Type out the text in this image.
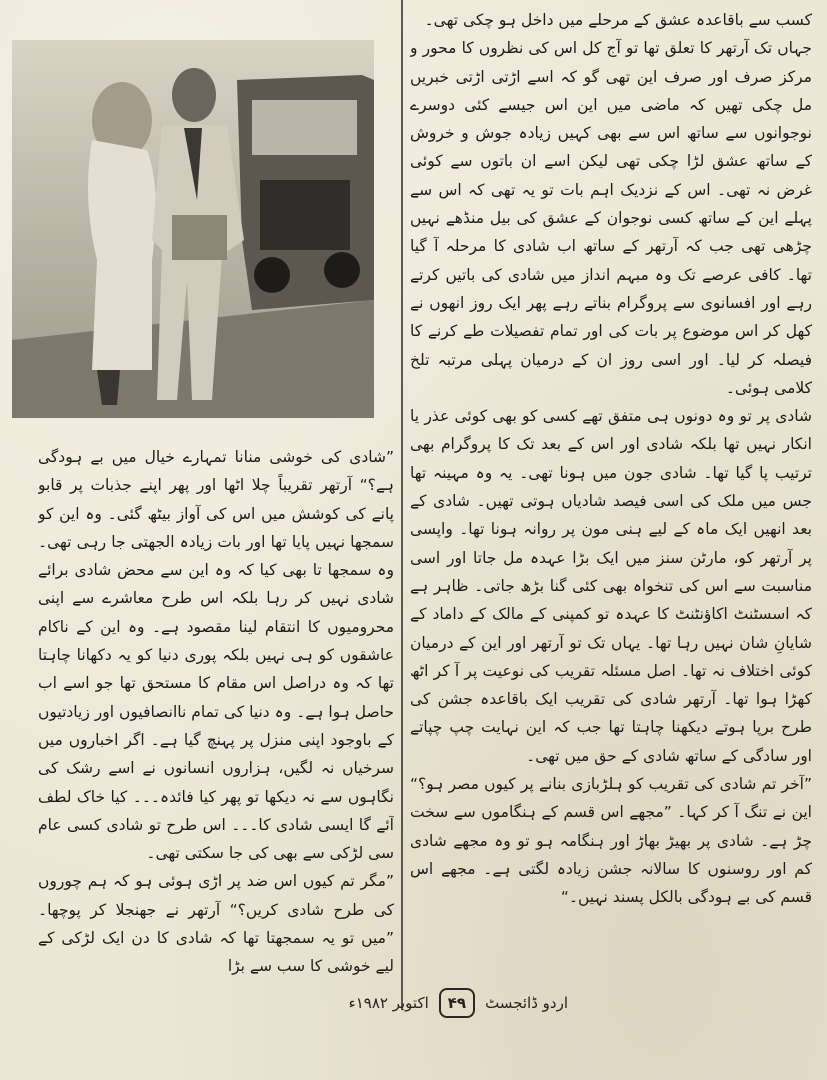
کسب سے باقاعدہ عشق کے مرحلے میں داخل ہو چکی تھی۔

جہاں تک آرتھر کا تعلق تھا تو آج کل اس کی نظروں کا محور و مرکز صرف اور صرف این تھی گو کہ اسے اڑتی اڑتی خبریں مل چکی تھیں کہ ماضی میں این اس جیسے کئی دوسرے نوجوانوں سے ساتھ اس سے بھی کہیں زیادہ جوش و خروش کے ساتھ عشق لڑا چکی تھی لیکن اسے ان باتوں سے کوئی غرض نہ تھی۔ اس کے نزدیک اہم بات تو یہ تھی کہ اس سے پہلے این کے ساتھ کسی نوجوان کے عشق کی بیل منڈھے نہیں چڑھی تھی جب کہ آرتھر کے ساتھ اب شادی کا مرحلہ آ گیا تھا۔ کافی عرصے تک وہ مبہم انداز میں شادی کی باتیں کرتے رہے اور افسانوی سے پروگرام بناتے رہے پھر ایک روز انھوں نے کھل کر اس موضوع پر بات کی اور تمام تفصیلات طے کرنے کا فیصلہ کر لیا۔ اور اسی روز ان کے درمیان پہلی مرتبہ تلخ کلامی ہوئی۔

شادی پر تو وہ دونوں ہی متفق تھے کسی کو بھی کوئی عذر یا انکار نہیں تھا بلکہ شادی اور اس کے بعد تک کا پروگرام بھی ترتیب پا گیا تھا۔ شادی جون میں ہونا تھی۔ یہ وہ مہینہ تھا جس میں ملک کی اسی فیصد شادیاں ہوتی تھیں۔ شادی کے بعد انھیں ایک ماہ کے لیے ہنی مون پر روانہ ہونا تھا۔ واپسی پر آرتھر کو، مارٹن سنز میں ایک بڑا عہدہ مل جاتا اور اسی مناسبت سے اس کی تنخواہ بھی کئی گنا بڑھ جاتی۔ ظاہر ہے کہ اسسٹنٹ اکاؤنٹنٹ کا عہدہ تو کمپنی کے مالک کے داماد کے شایانِ شان نہیں رہا تھا۔ یہاں تک تو آرتھر اور این کے درمیان کوئی اختلاف نہ تھا۔ اصل مسئلہ تقریب کی نوعیت پر آ کر اٹھ کھڑا ہوا تھا۔ آرتھر شادی کی تقریب ایک باقاعدہ جشن کی طرح برپا ہوتے دیکھنا چاہتا تھا جب کہ این نہایت چپ چپاتے اور سادگی کے ساتھ شادی کے حق میں تھی۔

”آخر تم شادی کی تقریب کو ہلڑبازی بنانے پر کیوں مصر ہو؟“ این نے تنگ آ کر کہا۔ ”مجھے اس قسم کے ہنگاموں سے سخت چڑ ہے۔ شادی پر بھیڑ بھاڑ اور ہنگامہ ہو تو وہ مجھے شادی کم اور روسنوں کا سالانہ جشن زیادہ لگتی ہے۔ مجھے اس قسم کی بے ہودگی بالکل پسند نہیں۔“

”شادی کی خوشی منانا تمہارے خیال میں بے ہودگی ہے؟“ آرتھر تقریباً چلا اٹھا اور پھر اپنے جذبات پر قابو پانے کی کوشش میں اس کی آواز بیٹھ گئی۔ وہ این کو سمجھا نہیں پایا تھا اور بات زیادہ الجھتی جا رہی تھی۔ وہ سمجھا تا بھی کیا کہ وہ این سے محض شادی برائے شادی نہیں کر رہا بلکہ اس طرح معاشرے سے اپنی محرومیوں کا انتقام لینا مقصود ہے۔ وہ این کے ناکام عاشقوں کو ہی نہیں بلکہ پوری دنیا کو یہ دکھانا چاہتا تھا کہ وہ دراصل اس مقام کا مستحق تھا جو اسے اب حاصل ہوا ہے۔ وہ دنیا کی تمام ناانصافیوں اور زیادتیوں کے باوجود اپنی منزل پر پہنچ گیا ہے۔ اگر اخباروں میں سرخیاں نہ لگیں، ہزاروں انسانوں نے اسے رشک کی نگاہوں سے نہ دیکھا تو پھر کیا فائدہ۔۔۔ کیا خاک لطف آئے گا ایسی شادی کا۔۔۔ اس طرح تو شادی کسی عام سی لڑکی سے بھی کی جا سکتی تھی۔

”مگر تم کیوں اس ضد پر اڑی ہوئی ہو کہ ہم چوروں کی طرح شادی کریں؟“ آرتھر نے جھنجلا کر پوچھا۔ ”میں تو یہ سمجھتا تھا کہ شادی کا دن ایک لڑکی کے لیے خوشی کا سب سے بڑا

اردو ڈائجسٹ
۴۹
اکتوبر ۱۹۸۲ء
